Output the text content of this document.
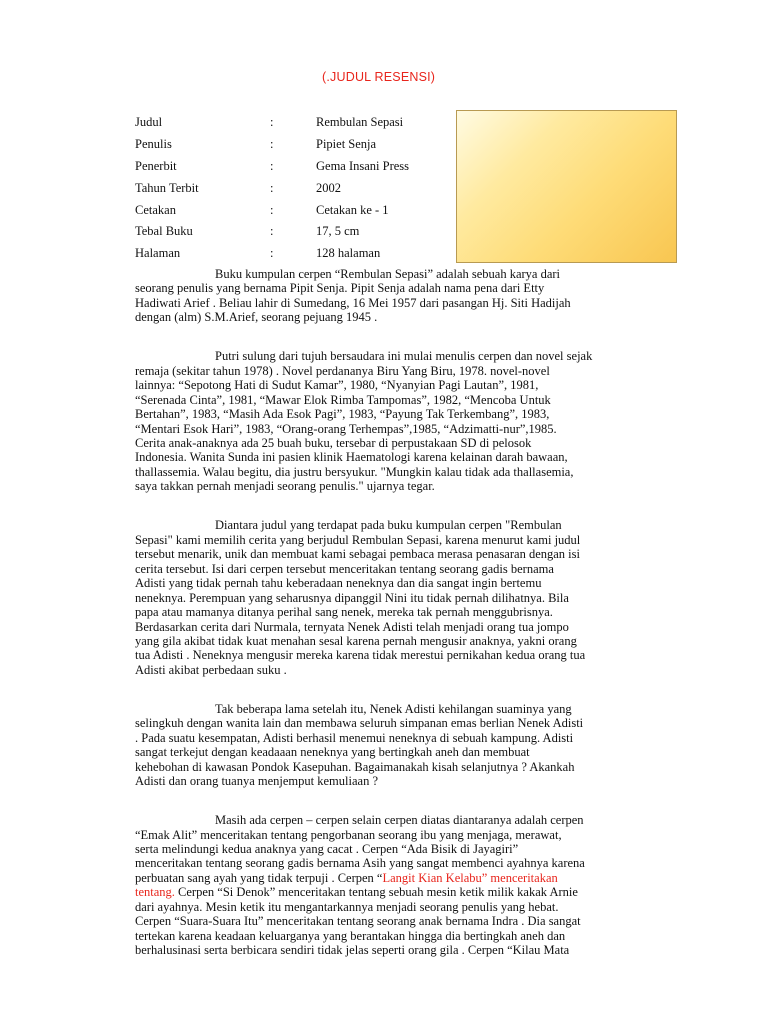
(.JUDUL RESENSI)
Judul	:	Rembulan Sepasi
Penulis	:	Pipiet Senja
Penerbit	:	Gema Insani Press
Tahun Terbit	:	2002
Cetakan	:	Cetakan ke - 1
Tebal Buku	:	17, 5 cm
Halaman	:	128 halaman
Buku kumpulan cerpen “Rembulan Sepasi” adalah sebuah karya dari
seorang penulis yang bernama Pipit Senja. Pipit Senja adalah nama pena dari Etty
Hadiwati Arief . Beliau lahir di Sumedang, 16 Mei 1957 dari pasangan Hj. Siti Hadijah
dengan (alm) S.M.Arief, seorang pejuang 1945 .
Putri sulung dari tujuh bersaudara ini mulai menulis cerpen dan novel sejak
remaja (sekitar tahun 1978) . Novel perdananya Biru Yang Biru, 1978. novel-novel
lainnya: “Sepotong Hati di Sudut Kamar”, 1980, “Nyanyian Pagi Lautan”, 1981,
“Serenada Cinta”, 1981, “Mawar Elok Rimba Tampomas”, 1982, “Mencoba Untuk
Bertahan”, 1983, “Masih Ada Esok Pagi”, 1983, “Payung Tak Terkembang”, 1983,
“Mentari Esok Hari”, 1983, “Orang-orang Terhempas”,1985, “Adzimatti-nur”,1985.
Cerita anak-anaknya ada 25 buah buku, tersebar di perpustakaan SD di pelosok
Indonesia. Wanita Sunda ini pasien klinik Haematologi karena kelainan darah bawaan,
thallassemia. Walau begitu, dia justru bersyukur. "Mungkin kalau tidak ada thallasemia,
saya takkan pernah menjadi seorang penulis." ujarnya tegar.
Diantara judul yang terdapat pada buku kumpulan cerpen "Rembulan
Sepasi" kami memilih cerita yang berjudul Rembulan Sepasi, karena menurut kami judul
tersebut menarik, unik dan membuat kami sebagai pembaca merasa penasaran dengan isi
cerita tersebut. Isi dari cerpen tersebut menceritakan tentang seorang gadis bernama
Adisti yang tidak pernah tahu keberadaan neneknya dan dia sangat ingin bertemu
neneknya. Perempuan yang seharusnya dipanggil Nini itu tidak pernah dilihatnya. Bila
papa atau mamanya ditanya perihal sang nenek, mereka tak pernah menggubrisnya.
Berdasarkan cerita dari Nurmala, ternyata Nenek Adisti telah menjadi orang tua jompo
yang gila akibat tidak kuat menahan sesal karena pernah mengusir anaknya, yakni orang
tua Adisti . Neneknya mengusir mereka karena tidak merestui pernikahan kedua orang tua
Adisti akibat perbedaan suku .
Tak beberapa lama setelah itu, Nenek Adisti kehilangan suaminya yang
selingkuh dengan wanita lain dan membawa seluruh simpanan emas berlian Nenek Adisti
. Pada suatu kesempatan, Adisti berhasil menemui neneknya di sebuah kampung. Adisti
sangat terkejut dengan keadaaan neneknya yang bertingkah aneh dan membuat
kehebohan di kawasan Pondok Kasepuhan. Bagaimanakah kisah selanjutnya ? Akankah
Adisti dan orang tuanya menjemput kemuliaan ?
Masih ada cerpen – cerpen selain cerpen diatas diantaranya adalah cerpen
“Emak Alit” menceritakan tentang pengorbanan seorang ibu yang menjaga, merawat,
serta melindungi kedua anaknya yang cacat . Cerpen “Ada Bisik di Jayagiri”
menceritakan tentang seorang gadis bernama Asih yang sangat membenci ayahnya karena
perbuatan sang ayah yang tidak terpuji . Cerpen “Langit Kian Kelabu” menceritakan
tentang. Cerpen “Si Denok” menceritakan tentang sebuah mesin ketik milik kakak Arnie
dari ayahnya. Mesin ketik itu mengantarkannya menjadi seorang penulis yang hebat.
Cerpen “Suara-Suara Itu” menceritakan tentang seorang anak bernama Indra . Dia sangat
tertekan karena keadaan keluarganya yang berantakan hingga dia bertingkah aneh dan
berhalusinasi serta berbicara sendiri tidak jelas seperti orang gila . Cerpen “Kilau Mata
